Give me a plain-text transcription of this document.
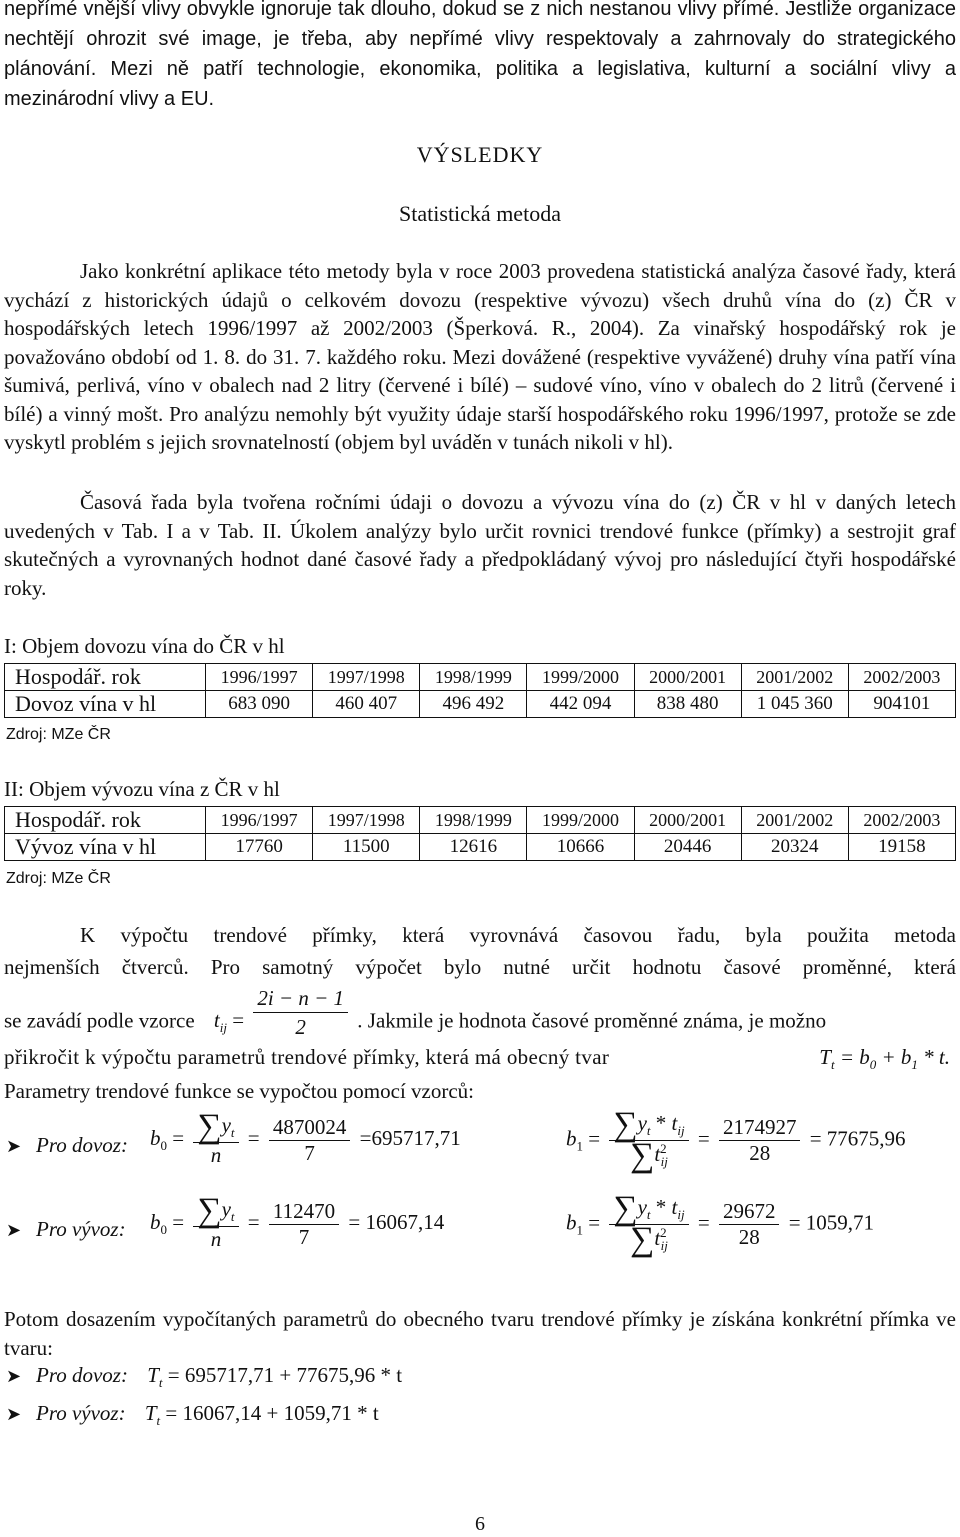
nepřímé vnější vlivy obvykle ignoruje tak dlouho, dokud se z nich nestanou vlivy přímé. Jestliže organizace nechtějí ohrozit své image, je třeba, aby nepřímé vlivy respektovaly a zahrnovaly do strategického plánování. Mezi ně patří technologie, ekonomika, politika a legislativa, kulturní a sociální vlivy a mezinárodní vlivy a EU.

VÝSLEDKY
Statistická metoda

Jako konkrétní aplikace této metody byla v roce 2003 provedena statistická analýza časové řady, která vychází z historických údajů o celkovém dovozu (respektive vývozu) všech druhů vína do (z) ČR v hospodářských letech 1996/1997 až 2002/2003 (Šperková. R., 2004). Za vinařský hospodářský rok je považováno období od 1. 8. do 31. 7. každého roku. Mezi dovážené (respektive vyvážené) druhy vína patří vína šumivá, perlivá, víno v obalech nad 2 litry (červené i bílé) – sudové víno, víno v obalech do 2 litrů (červené i bílé) a vinný mošt. Pro analýzu nemohly být využity údaje starší hospodářského roku 1996/1997, protože se zde vyskytl problém s jejich srovnatelností (objem byl uváděn v tunách nikoli v hl).

Časová řada byla tvořena ročními údaji o dovozu a vývozu vína do (z) ČR v hl v daných letech uvedených v Tab. I a v Tab. II. Úkolem analýzy bylo určit rovnici trendové funkce (přímky) a sestrojit graf skutečných a vyrovnaných hodnot dané časové řady a předpokládaný vývoj pro následující čtyři hospodářské roky.

I: Objem dovozu vína do ČR v hl
Hospodář. rok	1996/1997	1997/1998	1998/1999	1999/2000	2000/2001	2001/2002	2002/2003
Dovoz vína v hl	683 090	460 407	496 492	442 094	838 480	1 045 360	904101
Zdroj: MZe ČR
II: Objem vývozu vína z ČR v hl
Hospodář. rok	1996/1997	1997/1998	1998/1999	1999/2000	2000/2001	2001/2002	2002/2003
Vývoz vína v hl	17760	11500	12616	10666	20446	20324	19158
Zdroj: MZe ČR

K výpočtu trendové přímky, která vyrovnává časovou řadu, byla použita metoda

nejmenších čtverců. Pro samotný výpočet bylo nutné určit hodnotu časové proměnné, která

se zavádí podle vzorce $t_{ij} = \frac{2i - n - 1}{2}$ . Jakmile je hodnota časové proměnné známa, je možno
přikročit k výpočtu parametrů trendové přímky, která má obecný tvar	$T_t = b_0 + b_1 * t$.
Parametry trendové funkce se vypočtou pomocí vzorců:
➤ Pro dovoz: $b_0 = \frac{\sum y_t}{n} = \frac{4870024}{7} =695717,71$	$b_1 = \frac{\sum y_t * t_{ij}}{\sum t^2_{ij}} = \frac{2174927}{28} = 77675,96$
➤ Pro vývoz: $b_0 = \frac{\sum y_t}{n} = \frac{112470}{7} = 16067,14$	$b_1 = \frac{\sum y_t * t_{ij}}{\sum t^2_{ij}} = \frac{29672}{28} = 1059,71$

Potom dosazením vypočítaných parametrů do obecného tvaru trendové přímky je získána konkrétní přímka ve tvaru:

➤ Pro dovoz: $T_t = 695717,71 + 77675,96 * t$
➤ Pro vývoz: $T_t = 16067,14 + 1059,71 * t$
6
